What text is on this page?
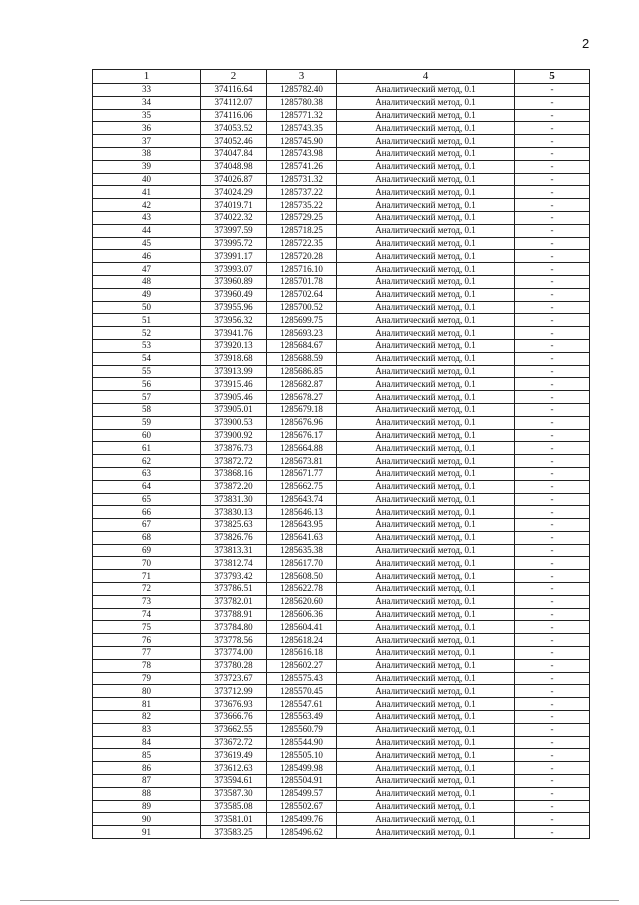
2
1	2	3	4	5
33	374116.64	1285782.40	Аналитический метод, 0.1	-
34	374112.07	1285780.38	Аналитический метод, 0.1	-
35	374116.06	1285771.32	Аналитический метод, 0.1	-
36	374053.52	1285743.35	Аналитический метод, 0.1	-
37	374052.46	1285745.90	Аналитический метод, 0.1	-
38	374047.84	1285743.98	Аналитический метод, 0.1	-
39	374048.98	1285741.26	Аналитический метод, 0.1	-
40	374026.87	1285731.32	Аналитический метод, 0.1	-
41	374024.29	1285737.22	Аналитический метод, 0.1	-
42	374019.71	1285735.22	Аналитический метод, 0.1	-
43	374022.32	1285729.25	Аналитический метод, 0.1	-
44	373997.59	1285718.25	Аналитический метод, 0.1	-
45	373995.72	1285722.35	Аналитический метод, 0.1	-
46	373991.17	1285720.28	Аналитический метод, 0.1	-
47	373993.07	1285716.10	Аналитический метод, 0.1	-
48	373960.89	1285701.78	Аналитический метод, 0.1	-
49	373960.49	1285702.64	Аналитический метод, 0.1	-
50	373955.96	1285700.52	Аналитический метод, 0.1	-
51	373956.32	1285699.75	Аналитический метод, 0.1	-
52	373941.76	1285693.23	Аналитический метод, 0.1	-
53	373920.13	1285684.67	Аналитический метод, 0.1	-
54	373918.68	1285688.59	Аналитический метод, 0.1	-
55	373913.99	1285686.85	Аналитический метод, 0.1	-
56	373915.46	1285682.87	Аналитический метод, 0.1	-
57	373905.46	1285678.27	Аналитический метод, 0.1	-
58	373905.01	1285679.18	Аналитический метод, 0.1	-
59	373900.53	1285676.96	Аналитический метод, 0.1	-
60	373900.92	1285676.17	Аналитический метод, 0.1	-
61	373876.73	1285664.88	Аналитический метод, 0.1	-
62	373872.72	1285673.81	Аналитический метод, 0.1	-
63	373868.16	1285671.77	Аналитический метод, 0.1	-
64	373872.20	1285662.75	Аналитический метод, 0.1	-
65	373831.30	1285643.74	Аналитический метод, 0.1	-
66	373830.13	1285646.13	Аналитический метод, 0.1	-
67	373825.63	1285643.95	Аналитический метод, 0.1	-
68	373826.76	1285641.63	Аналитический метод, 0.1	-
69	373813.31	1285635.38	Аналитический метод, 0.1	-
70	373812.74	1285617.70	Аналитический метод, 0.1	-
71	373793.42	1285608.50	Аналитический метод, 0.1	-
72	373786.51	1285622.78	Аналитический метод, 0.1	-
73	373782.01	1285620.60	Аналитический метод, 0.1	-
74	373788.91	1285606.36	Аналитический метод, 0.1	-
75	373784.80	1285604.41	Аналитический метод, 0.1	-
76	373778.56	1285618.24	Аналитический метод, 0.1	-
77	373774.00	1285616.18	Аналитический метод, 0.1	-
78	373780.28	1285602.27	Аналитический метод, 0.1	-
79	373723.67	1285575.43	Аналитический метод, 0.1	-
80	373712.99	1285570.45	Аналитический метод, 0.1	-
81	373676.93	1285547.61	Аналитический метод, 0.1	-
82	373666.76	1285563.49	Аналитический метод, 0.1	-
83	373662.55	1285560.79	Аналитический метод, 0.1	-
84	373672.72	1285544.90	Аналитический метод, 0.1	-
85	373619.49	1285505.10	Аналитический метод, 0.1	-
86	373612.63	1285499.98	Аналитический метод, 0.1	-
87	373594.61	1285504.91	Аналитический метод, 0.1	-
88	373587.30	1285499.57	Аналитический метод, 0.1	-
89	373585.08	1285502.67	Аналитический метод, 0.1	-
90	373581.01	1285499.76	Аналитический метод, 0.1	-
91	373583.25	1285496.62	Аналитический метод, 0.1	-
